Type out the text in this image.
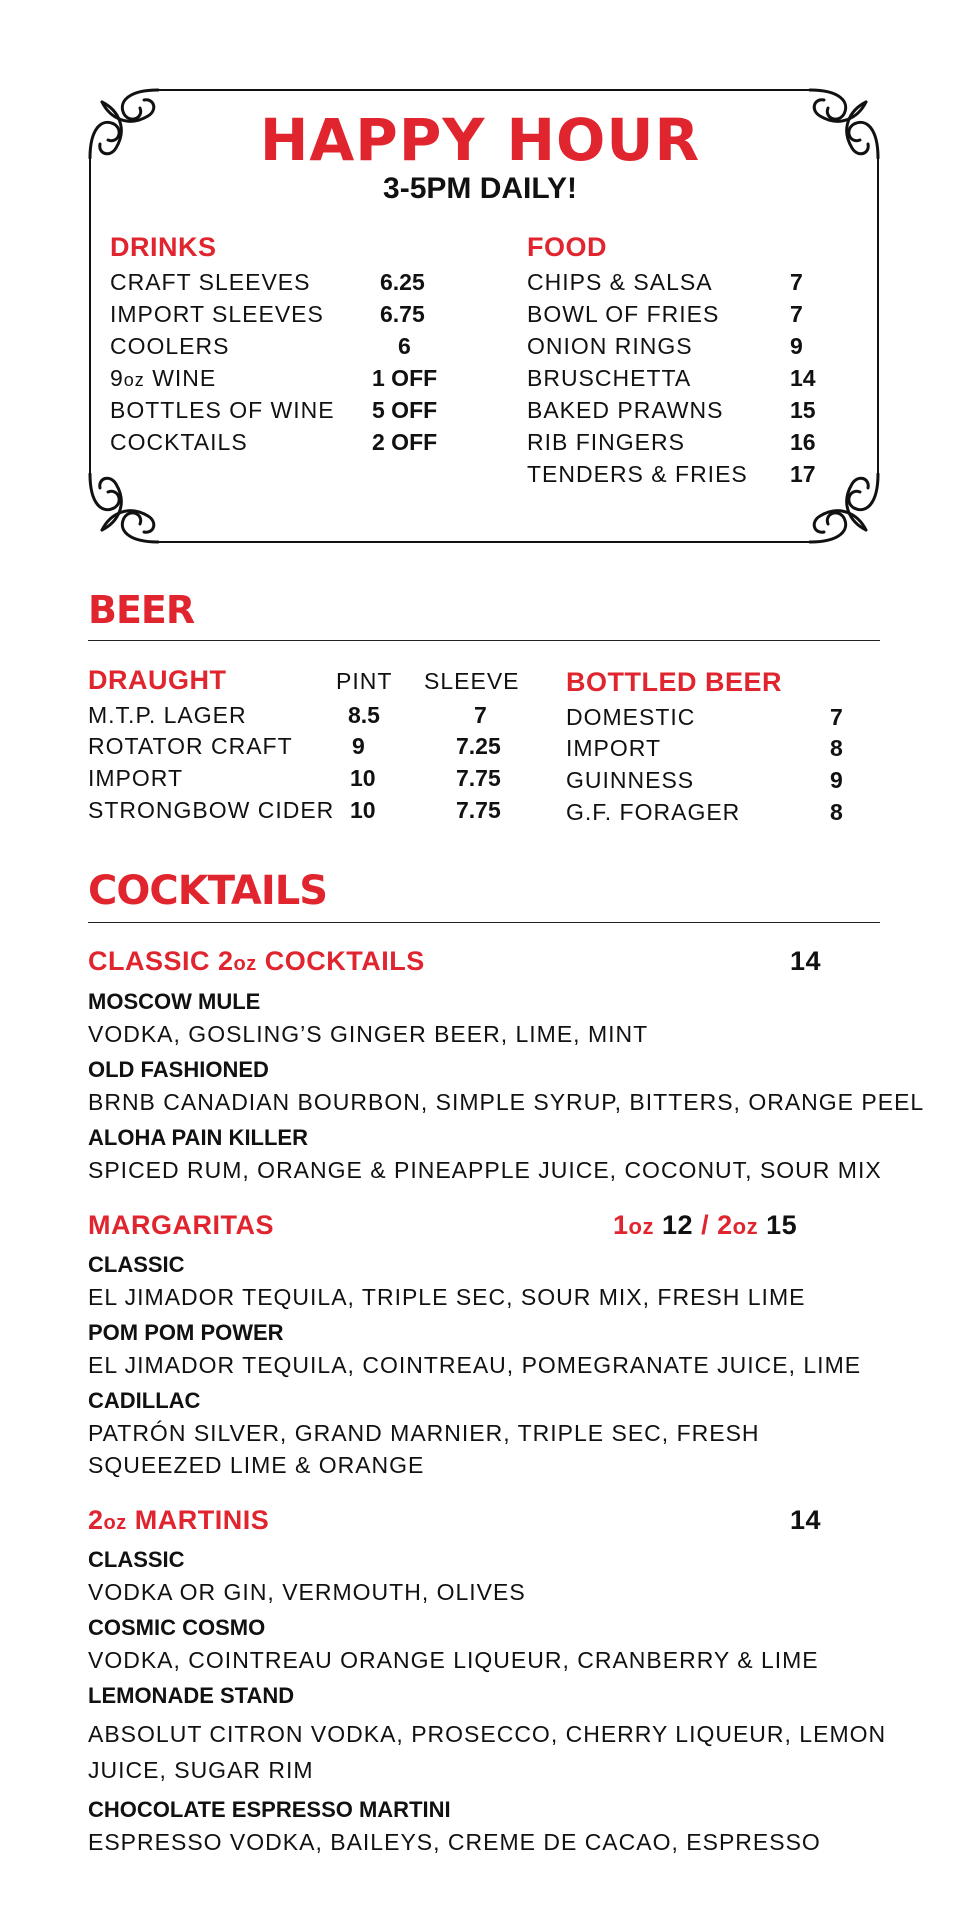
HAPPY HOUR
3-5PM DAILY!
DRINKS
CRAFT SLEEVES	6.25
IMPORT SLEEVES 6.75
COOLERS	6
9oz WINE	1 OFF
BOTTLES OF WINE 5 OFF
COCKTAILS	2 OFF
FOOD
CHIPS & SALSA	7
BOWL OF FRIES	7
ONION RINGS	9
BRUSCHETTA	14
BAKED PRAWNS	15
RIB FINGERS	16
TENDERS & FRIES 17
BEER
DRAUGHT	PINT SLEEVE
M.T.P. LAGER	8.5	7
ROTATOR CRAFT	9	7.25
IMPORT	10	7.75
STRONGBOW CIDER 10	7.75
BOTTLED BEER
DOMESTIC	7
IMPORT	8
GUINNESS	9
G.F. FORAGER	8
COCKTAILS
CLASSIC 2oz COCKTAILS	14
MOSCOW MULE
VODKA, GOSLING’S GINGER BEER, LIME, MINT
OLD FASHIONED
BRNB CANADIAN BOURBON, SIMPLE SYRUP, BITTERS, ORANGE PEEL
ALOHA PAIN KILLER
SPICED RUM, ORANGE & PINEAPPLE JUICE, COCONUT, SOUR MIX
MARGARITAS	1oz 12 / 2oz 15
CLASSIC
EL JIMADOR TEQUILA, TRIPLE SEC, SOUR MIX, FRESH LIME
POM POM POWER
EL JIMADOR TEQUILA, COINTREAU, POMEGRANATE JUICE, LIME
CADILLAC
PATRÓN SILVER, GRAND MARNIER, TRIPLE SEC, FRESH
SQUEEZED LIME & ORANGE
2oz MARTINIS	14
CLASSIC
VODKA OR GIN, VERMOUTH, OLIVES
COSMIC COSMO
VODKA, COINTREAU ORANGE LIQUEUR, CRANBERRY & LIME
LEMONADE STAND
ABSOLUT CITRON VODKA, PROSECCO, CHERRY LIQUEUR, LEMON
JUICE, SUGAR RIM
CHOCOLATE ESPRESSO MARTINI
ESPRESSO VODKA, BAILEYS, CREME DE CACAO, ESPRESSO
